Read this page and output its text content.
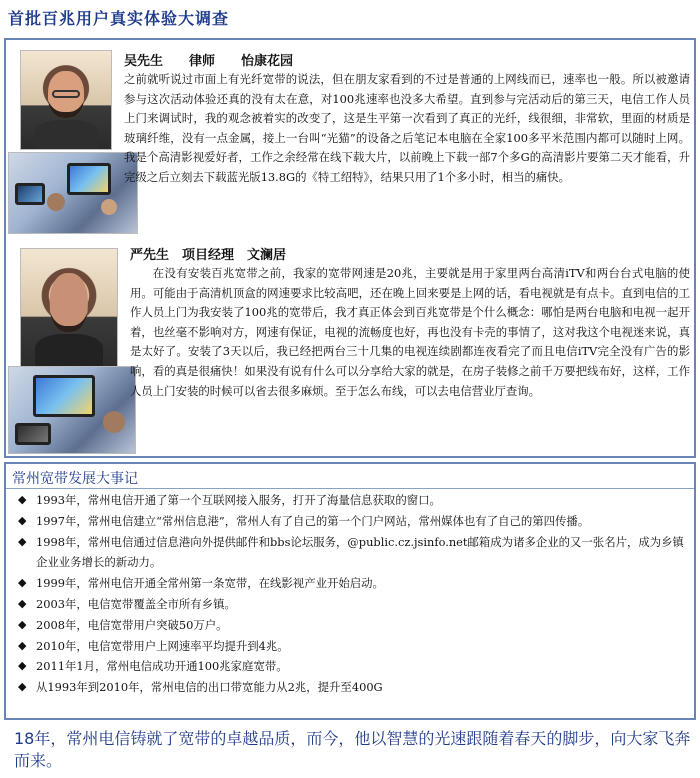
首批百兆用户真实体验大调查
吴先生　　律师　　怡康花园
之前就听说过市面上有光纤宽带的说法，但在朋友家看到的不过是普通的上网线而已，速率也一般。所以被邀请参与这次活动体验还真的没有太在意，对100兆速率也没多大希望。直到参与完活动后的第三天，电信工作人员上门来调试时，我的观念被着实的改变了，这是生平第一次看到了真正的光纤，线很细，非常软，里面的材质是玻璃纤维，没有一点金属，接上一台叫“光猫”的设备之后笔记本电脑在全家100多平米范围内都可以随时上网。我是个高清影视爱好者，工作之余经常在线下载大片，以前晚上下载一部7个多G的高清影片要第二天才能看，升完级之后立刻去下载蓝光版13.8G的《特工绍特》，结果只用了1个多小时，相当的痛快。
严先生　项目经理　文澜居
在没有安装百兆宽带之前，我家的宽带网速是20兆，主要就是用于家里两台高清iTV和两台台式电脑的使用。可能由于高清机顶盒的网速要求比较高吧，还在晚上回来要是上网的话，看电视就是有点卡。直到电信的工作人员上门为我安装了100兆的宽带后，我才真正体会到百兆宽带是个什么概念：哪怕是两台电脑和电视一起开着，也丝毫不影响对方，网速有保证，电视的流畅度也好，再也没有卡壳的事情了，这对我这个电视迷来说，真是太好了。安装了3天以后，我已经把两台三十几集的电视连续剧都连夜看完了而且电信iTV完全没有广告的影响，看的真是很痛快！如果没有说有什么可以分享给大家的就是，在房子装修之前千万要把线布好，这样，工作人员上门安装的时候可以省去很多麻烦。至于怎么布线，可以去电信营业厅查询。
常州宽带发展大事记
◆ 1993年，常州电信开通了第一个互联网接入服务，打开了海量信息获取的窗口。
◆ 1997年，常州电信建立“常州信息港”，常州人有了自己的第一个门户网站，常州媒体也有了自己的第四传播。
◆ 1998年，常州电信通过信息港向外提供邮件和bbs论坛服务，@public.cz.jsinfo.net邮箱成为诸多企业的又一张名片，成为乡镇企业业务增长的新动力。
◆ 1999年，常州电信开通全常州第一条宽带，在线影视产业开始启动。
◆ 2003年，电信宽带覆盖全市所有乡镇。
◆ 2008年，电信宽带用户突破50万户。
◆ 2010年，电信宽带用户上网速率平均提升到4兆。
◆ 2011年1月，常州电信成功开通100兆家庭宽带。
◆ 从1993年到2010年，常州电信的出口带宽能力从2兆，提升至400G
18年，常州电信铸就了宽带的卓越品质，而今，他以智慧的光速跟随着春天的脚步，向大家飞奔而来。
